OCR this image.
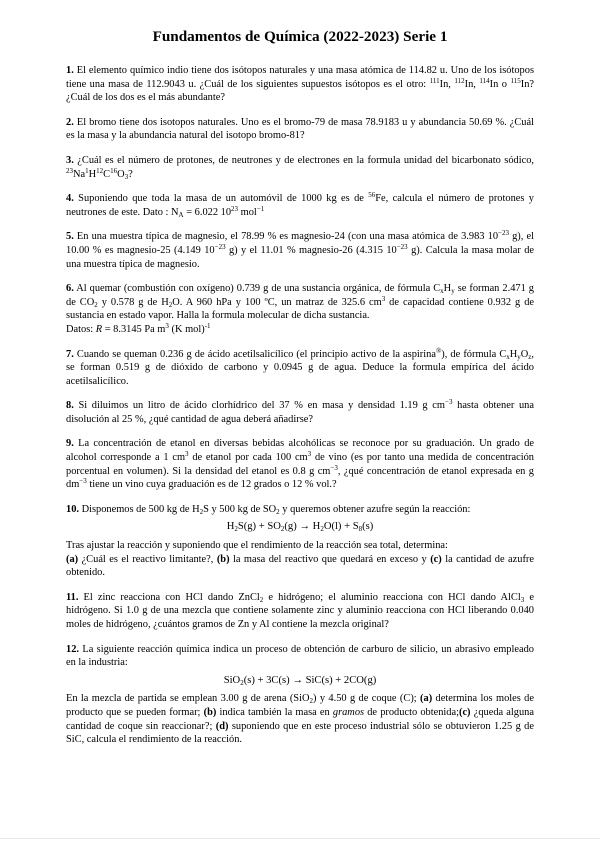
Fundamentos de Química (2022-2023) Serie 1

1. El elemento químico indio tiene dos isótopos naturales y una masa atómica de 114.82 u. Uno de los isótopos tiene una masa de 112.9043 u. ¿Cuál de los siguientes supuestos isótopos es el otro: $^{111}$In, $^{112}$In, $^{114}$In o $^{115}$In? ¿Cuál de los dos es el más abundante?

2. El bromo tiene dos isotopos naturales. Uno es el bromo-79 de masa 78.9183 u y abundancia 50.69 %. ¿Cuál es la masa y la abundancia natural del isotopo bromo-81?

3. ¿Cuál es el número de protones, de neutrones y de electrones en la formula unidad del bicarbonato sódico, $^{23}Na^1H^{12}C^{16}O_3$?

4. Suponiendo que toda la masa de un automóvil de 1000 kg es de $^{56}$Fe, calcula el número de protones y neutrones de este. Dato : $N_A = 6.022$ $10^{23}$ mol$^{-1}$

5. En una muestra típica de magnesio, el 78.99 % es magnesio-24 (con una masa atómica de 3.983 $10^{-23}$ g), el 10.00 % es magnesio-25 (4.149 $10^{-23}$ g) y el 11.01 % magnesio-26 (4.315 $10^{-23}$ g). Calcula la masa molar de una muestra típica de magnesio.

6. Al quemar (combustión con oxígeno) 0.739 g de una sustancia orgánica, de fórmula $C_xH_y$ se forman 2.471 g de $CO_2$ y 0.578 g de $H_2O$. A 960 hPa y 100 ºC, un matraz de 325.6 $cm^3$ de capacidad contiene 0.932 g de sustancia en estado vapor. Halla la formula molecular de dicha sustancia.
Datos: R = 8.3145 Pa $m^3$ (K mol)$^{-1}$

7. Cuando se queman 0.236 g de ácido acetilsalicílico (el principio activo de la aspirina®), de fórmula $C_xH_yO_z$, se forman 0.519 g de dióxido de carbono y 0.0945 g de agua. Deduce la formula empírica del ácido acetilsalicílico.

8. Si diluimos un litro de ácido clorhídrico del 37 % en masa y densidad 1.19 g $cm^{-3}$ hasta obtener una disolución al 25 %, ¿qué cantidad de agua deberá añadirse?

9. La concentración de etanol en diversas bebidas alcohólicas se reconoce por su graduación. Un grado de alcohol corresponde a 1 $cm^3$ de etanol por cada 100 $cm^3$ de vino (es por tanto una medida de concentración porcentual en volumen). Si la densidad del etanol es 0.8 g $cm^{-3}$, ¿qué concentración de etanol expresada en g $dm^{-3}$ tiene un vino cuya graduación es de 12 grados o 12 % vol.?

10. Disponemos de 500 kg de $H_2S$ y 500 kg de $SO_2$ y queremos obtener azufre según la reacción:

$H_2S(g) + SO_2(g) \to H_2O(l) + S_8(s)$

Tras ajustar la reacción y suponiendo que el rendimiento de la reacción sea total, determina:
(a) ¿Cuál es el reactivo limitante?, (b) la masa del reactivo que quedará en exceso y (c) la cantidad de azufre obtenido.

11. El zinc reacciona con HCl dando ZnCl$_2$ e hidrógeno; el aluminio reacciona con HCl dando AlCl$_3$ e hidrógeno. Si 1.0 g de una mezcla que contiene solamente zinc y aluminio reacciona con HCl liberando 0.040 moles de hidrógeno, ¿cuántos gramos de Zn y Al contiene la mezcla original?

12. La siguiente reacción química indica un proceso de obtención de carburo de silicio, un abrasivo empleado en la industria:

SiO$_2$(s) + 3C(s) → SiC(s) + 2CO(g)

En la mezcla de partida se emplean 3.00 g de arena (SiO$_2$) y 4.50 g de coque (C); (a) determina los moles de producto que se pueden formar; (b) indica también la masa en gramos de producto obtenida;(c) ¿queda alguna cantidad de coque sin reaccionar?; (d) suponiendo que en este proceso industrial sólo se obtuvieron 1.25 g de SiC, calcula el rendimiento de la reacción.
